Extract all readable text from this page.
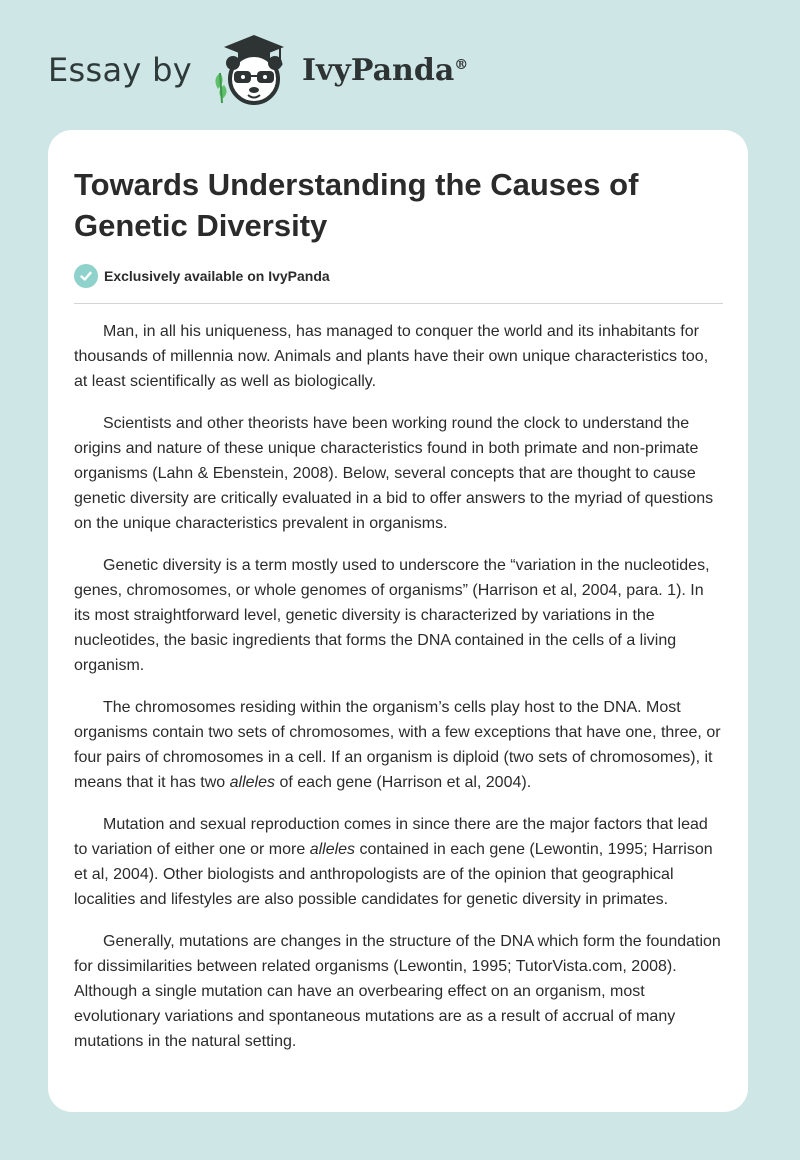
Essay by	IvyPanda®
Towards Understanding the Causes of Genetic Diversity
Exclusively available on IvyPanda

Man, in all his uniqueness, has managed to conquer the world and its inhabitants for thousands of millennia now. Animals and plants have their own unique characteristics too, at least scientifically as well as biologically.

Scientists and other theorists have been working round the clock to understand the origins and nature of these unique characteristics found in both primate and non-primate organisms (Lahn & Ebenstein, 2008). Below, several concepts that are thought to cause genetic diversity are critically evaluated in a bid to offer answers to the myriad of questions on the unique characteristics prevalent in organisms.

Genetic diversity is a term mostly used to underscore the “variation in the nucleotides, genes, chromosomes, or whole genomes of organisms” (Harrison et al, 2004, para. 1). In its most straightforward level, genetic diversity is characterized by variations in the nucleotides, the basic ingredients that forms the DNA contained in the cells of a living organism.

The chromosomes residing within the organism’s cells play host to the DNA. Most organisms contain two sets of chromosomes, with a few exceptions that have one, three, or four pairs of chromosomes in a cell. If an organism is diploid (two sets of chromosomes), it means that it has two alleles of each gene (Harrison et al, 2004).

Mutation and sexual reproduction comes in since there are the major factors that lead to variation of either one or more alleles contained in each gene (Lewontin, 1995; Harrison et al, 2004). Other biologists and anthropologists are of the opinion that geographical localities and lifestyles are also possible candidates for genetic diversity in primates.

Generally, mutations are changes in the structure of the DNA which form the foundation for dissimilarities between related organisms (Lewontin, 1995; TutorVista.com, 2008). Although a single mutation can have an overbearing effect on an organism, most evolutionary variations and spontaneous mutations are as a result of accrual of many mutations in the natural setting.
